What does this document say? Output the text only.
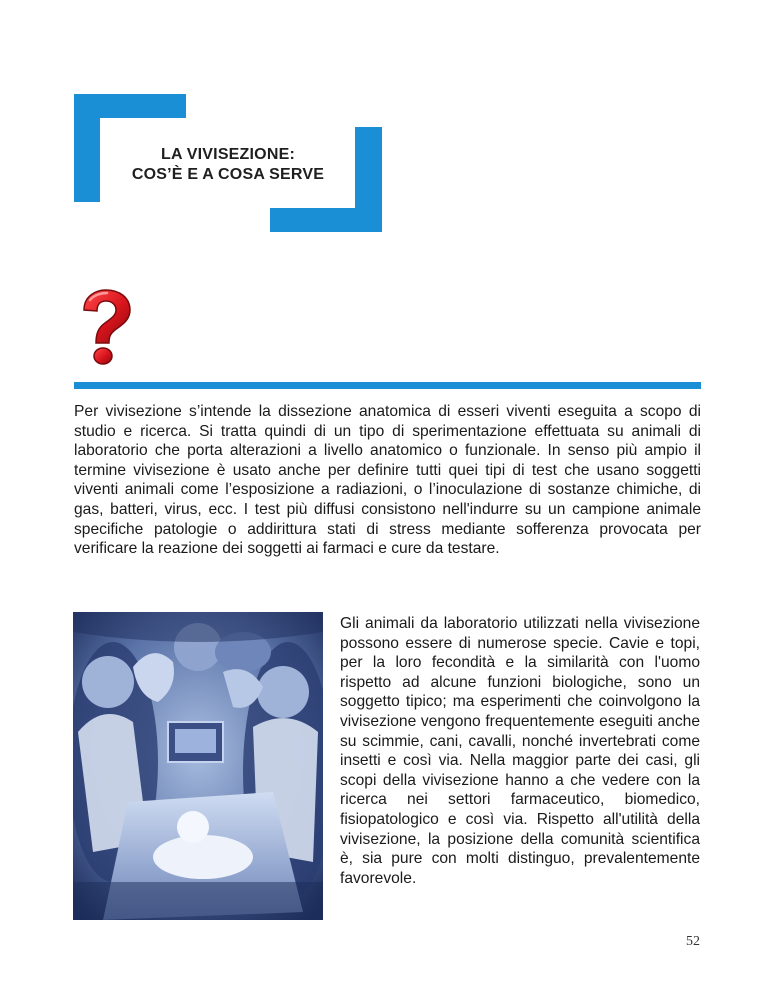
LA VIVISEZIONE:
COS’È E A COSA SERVE

Per vivisezione s’intende la dissezione anatomica di esseri viventi eseguita a scopo di studio e ricerca. Si tratta quindi di un tipo di sperimentazione effettuata su animali di laboratorio che porta alterazioni a livello anatomico o funzionale. In senso più ampio il termine vivisezione è usato anche per definire tutti quei tipi di test che usano soggetti viventi animali come l’esposizione a radiazioni, o l’inoculazione di sostanze chimiche, di gas, batteri, virus, ecc. I test più diffusi consistono nell'indurre su un campione animale specifiche patologie o addirittura stati di stress mediante sofferenza provocata per verificare la reazione dei soggetti ai farmaci e cure da testare.

Gli animali da laboratorio utilizzati nella vivisezione possono essere di numerose specie. Cavie e topi, per la loro fecondità e la similarità con l'uomo rispetto ad alcune funzioni biologiche, sono un soggetto tipico; ma esperimenti che coinvolgono la vivisezione vengono frequentemente eseguiti anche su scimmie, cani, cavalli, nonché invertebrati come insetti e così via. Nella maggior parte dei casi, gli scopi della vivisezione hanno a che vedere con la ricerca nei settori farmaceutico, biomedico, fisiopatologico e così via. Rispetto all'utilità della vivisezione, la posizione della comunità scientifica è, sia pure con molti distinguo, prevalentemente favorevole.

52
